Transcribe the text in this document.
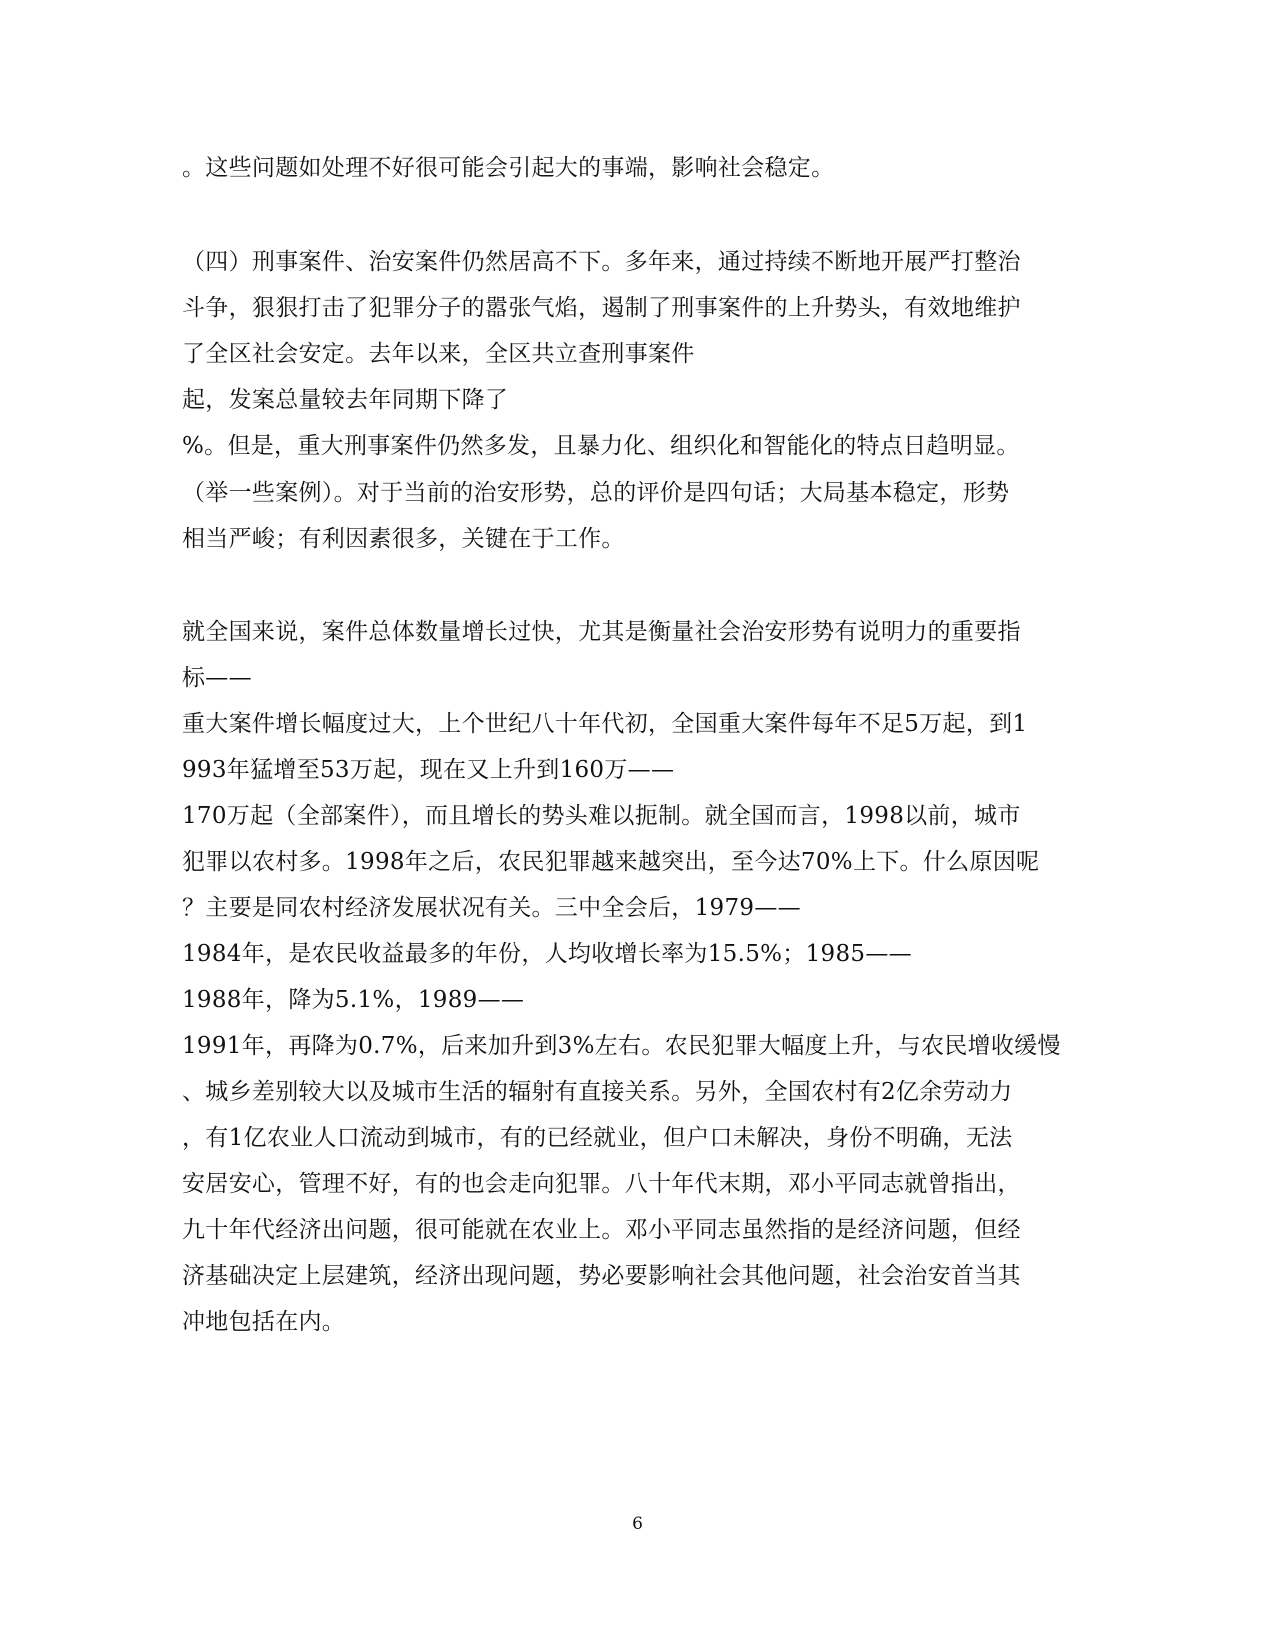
。这些问题如处理不好很可能会引起大的事端，影响社会稳定。
（四）刑事案件、治安案件仍然居高不下。多年来，通过持续不断地开展严打整治
斗争，狠狠打击了犯罪分子的嚣张气焰，遏制了刑事案件的上升势头，有效地维护
了全区社会安定。去年以来，全区共立查刑事案件
起，发案总量较去年同期下降了
%。但是，重大刑事案件仍然多发，且暴力化、组织化和智能化的特点日趋明显。
（举一些案例）。对于当前的治安形势，总的评价是四句话；大局基本稳定，形势
相当严峻；有利因素很多，关键在于工作。
就全国来说，案件总体数量增长过快，尤其是衡量社会治安形势有说明力的重要指
标——
重大案件增长幅度过大，上个世纪八十年代初，全国重大案件每年不足5万起，到1
993年猛增至53万起，现在又上升到160万——
170万起（全部案件），而且增长的势头难以扼制。就全国而言，1998以前，城市
犯罪以农村多。1998年之后，农民犯罪越来越突出，至今达70%上下。什么原因呢
？主要是同农村经济发展状况有关。三中全会后，1979——
1984年，是农民收益最多的年份，人均收增长率为15.5%；1985——
1988年，降为5.1%，1989——
1991年，再降为0.7%，后来加升到3%左右。农民犯罪大幅度上升，与农民增收缓慢
、城乡差别较大以及城市生活的辐射有直接关系。另外，全国农村有2亿余劳动力
，有1亿农业人口流动到城市，有的已经就业，但户口未解决，身份不明确，无法
安居安心，管理不好，有的也会走向犯罪。八十年代末期，邓小平同志就曾指出，
九十年代经济出问题，很可能就在农业上。邓小平同志虽然指的是经济问题，但经
济基础决定上层建筑，经济出现问题，势必要影响社会其他问题，社会治安首当其
冲地包括在内。
6
